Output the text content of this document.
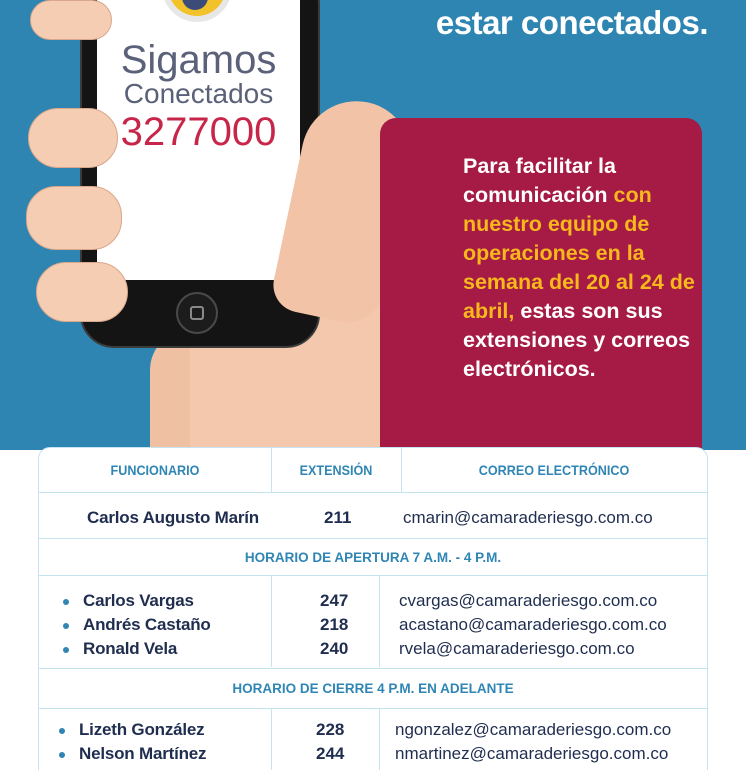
estar conectados.
Sigamos
Conectados
3277000
Para facilitar la comunicación con nuestro equipo de operaciones en la semana del 20 al 24 de abril, estas son sus extensiones y correos electrónicos.
FUNCIONARIO	EXTENSIÓN	CORREO ELECTRÓNICO
Carlos Augusto Marín	211	cmarin@camaraderiesgo.com.co
HORARIO DE APERTURA 7 A.M. - 4 P.M.
Carlos Vargas	247	cvargas@camaraderiesgo.com.co
Andrés Castaño	218	acastano@camaraderiesgo.com.co
Ronald Vela	240	rvela@camaraderiesgo.com.co
HORARIO DE CIERRE 4 P.M. EN ADELANTE
Lizeth González	228	ngonzalez@camaraderiesgo.com.co
Nelson Martínez	244	nmartinez@camaraderiesgo.com.co
